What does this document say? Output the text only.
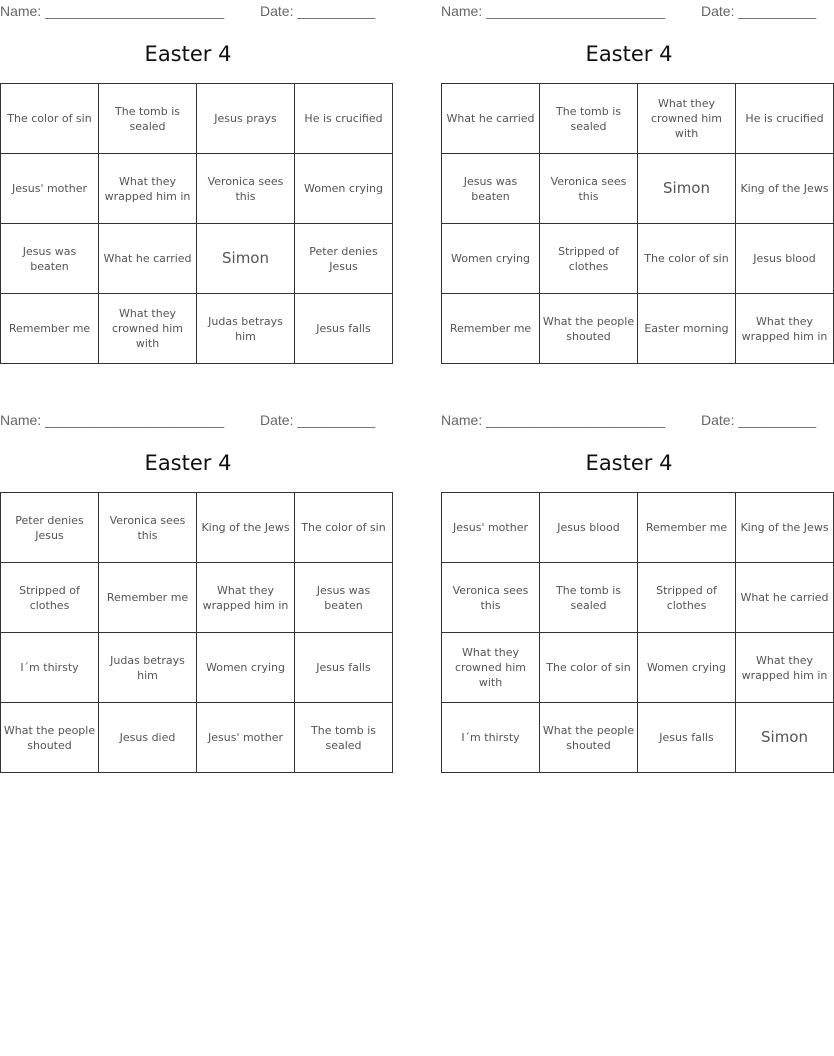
Name: _______________________	Date: __________
Easter 4
The color of sin	The tomb is sealed	Jesus prays	He is crucified
Jesus' mother	What they wrapped him in	Veronica sees this	Women crying
Jesus was beaten	What he carried	Simon	Peter denies Jesus
Remember me	What they crowned him with	Judas betrays him	Jesus falls
Name: _______________________	Date: __________
Easter 4
What he carried	The tomb is sealed	What they crowned him with	He is crucified
Jesus was beaten	Veronica sees this	Simon	King of the Jews
Women crying	Stripped of clothes	The color of sin	Jesus blood
Remember me	What the people shouted	Easter morning	What they wrapped him in
Name: _______________________	Date: __________
Easter 4
Peter denies Jesus	Veronica sees this	King of the Jews	The color of sin
Stripped of clothes	Remember me	What they wrapped him in	Jesus was beaten
I´m thirsty	Judas betrays him	Women crying	Jesus falls
What the people shouted	Jesus died	Jesus' mother	The tomb is sealed
Name: _______________________	Date: __________
Easter 4
Jesus' mother	Jesus blood	Remember me	King of the Jews
Veronica sees this	The tomb is sealed	Stripped of clothes	What he carried
What they crowned him with	The color of sin	Women crying	What they wrapped him in
I´m thirsty	What the people shouted	Jesus falls	Simon
